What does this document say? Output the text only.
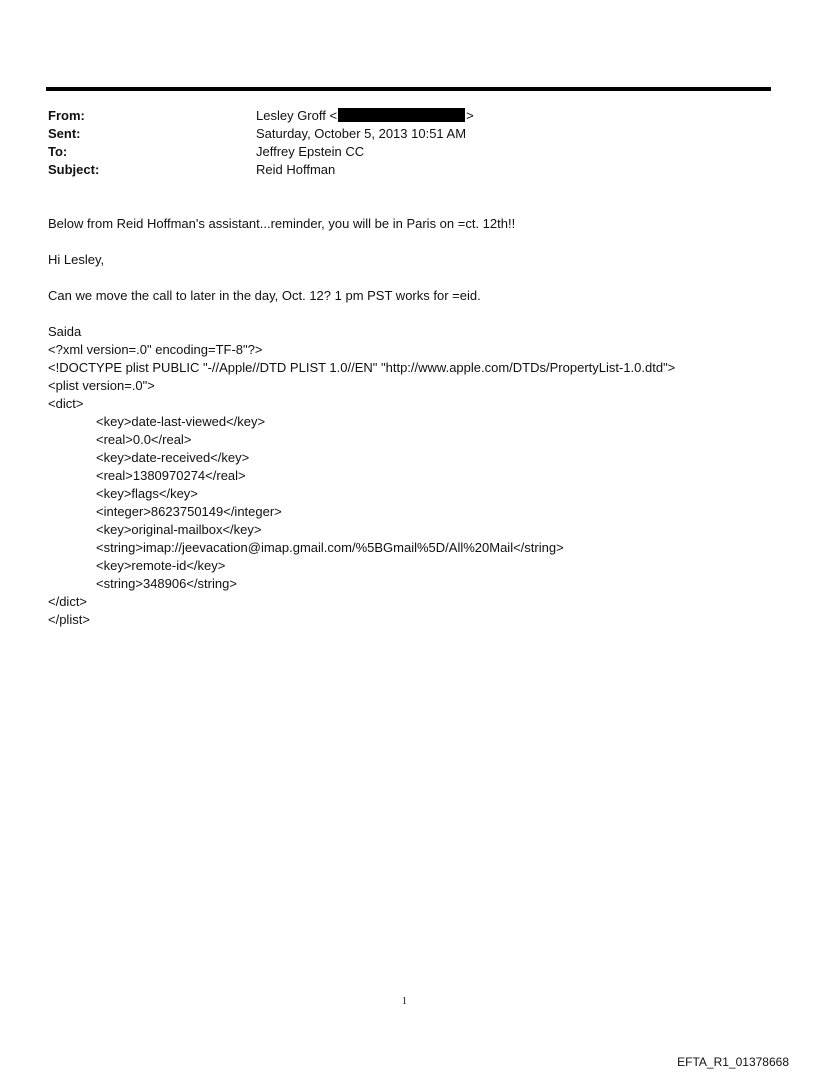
From:	Lesley Groff <	>
Sent:	Saturday, October 5, 2013 10:51 AM
To:	Jeffrey Epstein CC
Subject:	Reid Hoffman

Below from Reid Hoffman's assistant...reminder, you will be in Paris on =ct. 12th!!

Hi Lesley,

Can we move the call to later in the day, Oct. 12? 1 pm PST works for =eid.

Saida

<?xml version=.0" encoding=TF-8"?>

<!DOCTYPE plist PUBLIC "-//Apple//DTD PLIST 1.0//EN" "http://www.apple.com/DTDs/PropertyList-1.0.dtd">

<plist version=.0">

<dict>

<key>date-last-viewed</key>

<real>0.0</real>

<key>date-received</key>

<real>1380970274</real>

<key>flags</key>

<integer>8623750149</integer>

<key>original-mailbox</key>

<string>imap://jeevacation@imap.gmail.com/%5BGmail%5D/All%20Mail</string>

<key>remote-id</key>

<string>348906</string>

</dict>

</plist>

1
EFTA_R1_01378668
